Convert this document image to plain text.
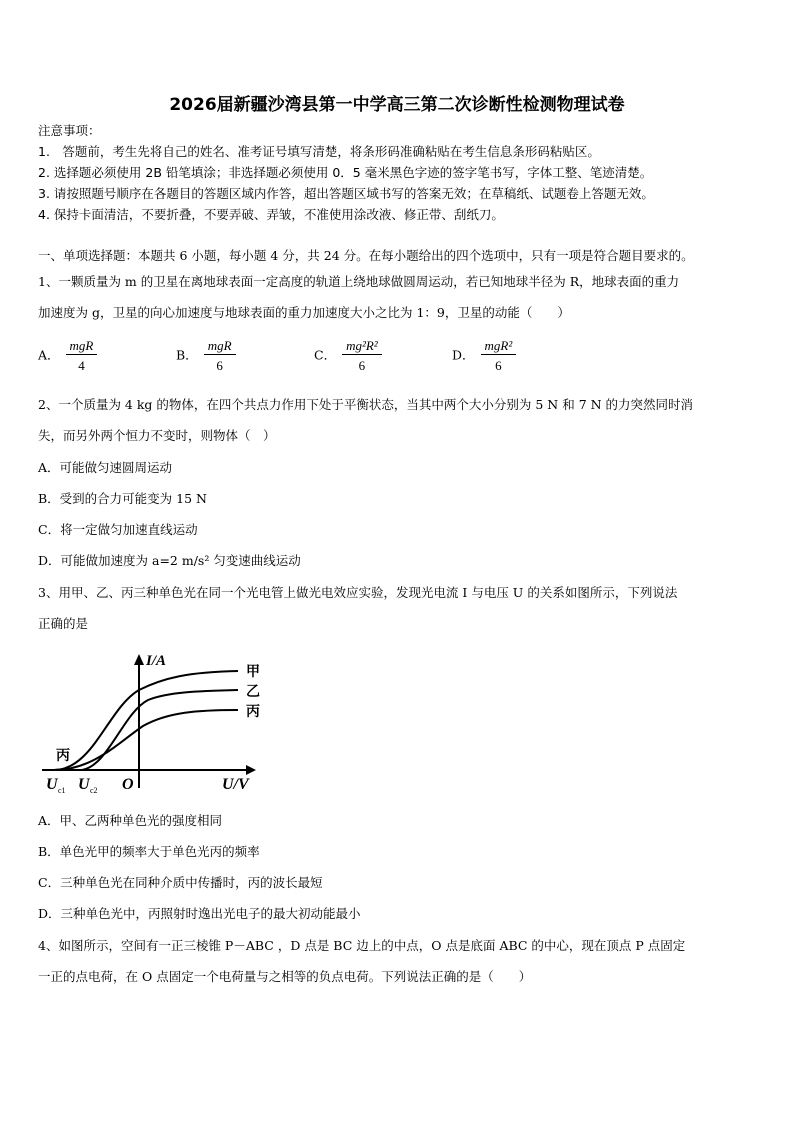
2026届新疆沙湾县第一中学高三第二次诊断性检测物理试卷
注意事项：
1.　答题前，考生先将自己的姓名、准考证号填写清楚，将条形码准确粘贴在考生信息条形码粘贴区。
2. 选择题必须使用 2B 铅笔填涂；非选择题必须使用 0．5 毫米黑色字迹的签字笔书写，字体工整、笔迹清楚。
3. 请按照题号顺序在各题目的答题区域内作答，超出答题区域书写的答案无效；在草稿纸、试题卷上答题无效。
4. 保持卡面清洁，不要折叠，不要弄破、弄皱，不准使用涂改液、修正带、刮纸刀。
一、单项选择题：本题共 6 小题，每小题 4 分，共 24 分。在每小题给出的四个选项中，只有一项是符合题目要求的。
1、一颗质量为 m 的卫星在离地球表面一定高度的轨道上绕地球做圆周运动，若已知地球半径为 R，地球表面的重力
加速度为 g，卫星的向心加速度与地球表面的重力加速度大小之比为 1：9，卫星的动能（　　）
A． $\frac{\text{mgR}}{4}$	B． $\frac{\text{mgR}}{6}$	C． $\frac{\text{mg²R²}}{6}$	D． $\frac{\text{mgR²}}{6}$
2、一个质量为 4 kg 的物体，在四个共点力作用下处于平衡状态，当其中两个大小分别为 5 N 和 7 N 的力突然同时消
失，而另外两个恒力不变时，则物体（　）
A．可能做匀速圆周运动
B．受到的合力可能变为 15 N
C．将一定做匀加速直线运动
D．可能做加速度为 a=2 m/s² 匀变速曲线运动
3、用甲、乙、丙三种单色光在同一个光电管上做光电效应实验，发现光电流 I 与电压 U 的关系如图所示，下列说法
正确的是
I/A
甲
乙
丙
丙
U c1 U c2 O	U/V
A．甲、乙两种单色光的强度相同
B．单色光甲的频率大于单色光丙的频率
C．三种单色光在同种介质中传播时，丙的波长最短
D．三种单色光中，丙照射时逸出光电子的最大初动能最小
4、如图所示，空间有一正三棱锥 P－ABC ，D 点是 BC 边上的中点，O 点是底面 ABC 的中心，现在顶点 P 点固定
一正的点电荷，在 O 点固定一个电荷量与之相等的负点电荷。下列说法正确的是（　　）
